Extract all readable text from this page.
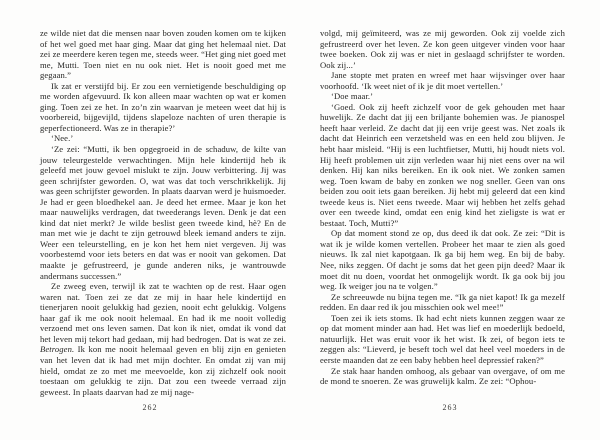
ze wilde niet dat die mensen naar boven zouden komen om te kijken of het wel goed met haar ging. Maar dat ging het helemaal niet. Dat zei ze meerdere keren tegen me, steeds weer. “Het ging niet goed met me, Mutti. Toen niet en nu ook niet. Het is nooit goed met me gegaan.”

Ik zat er verstijfd bij. Er zou een vernietigende beschuldiging op me worden afgevuurd. Ik kon alleen maar wachten op wat er komen ging. Toen zei ze het. In zo’n zin waarvan je meteen weet dat hij is voorbereid, bijgevijld, tijdens slapeloze nachten of uren therapie is geperfectioneerd. Was ze in therapie?’

‘Nee.’

‘Ze zei: “Mutti, ik ben opgegroeid in de schaduw, de kilte van jouw teleurgestelde verwachtingen. Mijn hele kindertijd heb ik geleefd met jouw gevoel mislukt te zijn. Jouw verbittering. Jij was geen schrijfster geworden. O, wat was dat toch verschrikkelijk. Jij was geen schrijfster geworden. In plaats daarvan werd je huismoeder. Je had er geen bloedhekel aan. Je deed het ermee. Maar je kon het maar nauwelijks verdragen, dat tweederangs leven. Denk je dat een kind dat niet merkt? Je wilde beslist geen tweede kind, hè? En de man met wie je dacht te zijn getrouwd bleek iemand anders te zijn. Weer een teleurstelling, en je kon het hem niet vergeven. Jij was voorbestemd voor iets beters en dat was er nooit van gekomen. Dat maakte je gefrustreerd, je gunde anderen niks, je wantrouwde andermans successen.”

Ze zweeg even, terwijl ik zat te wachten op de rest. Haar ogen waren nat. Toen zei ze dat ze mij in haar hele kindertijd en tienerjaren nooit gelukkig had gezien, nooit echt gelukkig. Volgens haar gaf ik me ook nooit helemaal. En had ik me nooit volledig verzoend met ons leven samen. Dat kon ik niet, omdat ik vond dat het leven mij tekort had gedaan, mij had bedrogen. Dat is wat ze zei. Betrogen. Ik kon me nooit helemaal geven en blij zijn en genieten van het leven dat ik had met mijn dochter. En omdat zij van mij hield, omdat ze zo met me meevoelde, kon zij zichzelf ook nooit toestaan om gelukkig te zijn. Dat zou een tweede verraad zijn geweest. In plaats daarvan had ze mij nage-

262

volgd, mij geïmiteerd, was ze mij geworden. Ook zij voelde zich gefrustreerd over het leven. Ze kon geen uitgever vinden voor haar twee boeken. Ook zij was er niet in geslaagd schrijfster te worden. Ook zij...’

Jane stopte met praten en wreef met haar wijsvinger over haar voorhoofd. ‘Ik weet niet of ik je dit moet vertellen.’

‘Doe maar.’

‘Goed. Ook zij heeft zichzelf voor de gek gehouden met haar huwelijk. Ze dacht dat jij een briljante bohemien was. Je pianospel heeft haar verleid. Ze dacht dat jij een vrije geest was. Net zoals ik dacht dat Heinrich een verzetsheld was en een held zou blijven. Je hebt haar misleid. “Hij is een luchtfietser, Mutti, hij houdt niets vol. Hij heeft problemen uit zijn verleden waar hij niet eens over na wil denken. Hij kan niks bereiken. En ik ook niet. We zonken samen weg. Toen kwam de baby en zonken we nog sneller. Geen van ons beiden zou ooit iets gaan bereiken. Jij hebt mij geleerd dat een kind tweede keus is. Niet eens tweede. Maar wij hebben het zelfs gehad over een tweede kind, omdat een enig kind het zieligste is wat er bestaat. Toch, Mutti?”

Op dat moment stond ze op, dus deed ik dat ook. Ze zei: “Dit is wat ik je wilde komen vertellen. Probeer het maar te zien als goed nieuws. Ik zal niet kapotgaan. Ik ga bij hem weg. En bij de baby. Nee, niks zeggen. Of dacht je soms dat het geen pijn deed? Maar ik moet dit nu doen, voordat het onmogelijk wordt. Ik ga ook bij jou weg. Ik weiger jou na te volgen.”

Ze schreeuwde nu bijna tegen me. “Ik ga niet kapot! Ik ga mezelf redden. En daar red ik jou misschien ook wel mee!”

Toen zei ik iets stoms. Ik had echt niets kunnen zeggen waar ze op dat moment minder aan had. Het was lief en moederlijk bedoeld, natuurlijk. Het was eruit voor ik het wist. Ik zei, of begon iets te zeggen als: “Lieverd, je beseft toch wel dat heel veel moeders in de eerste maanden dat ze een baby hebben heel depressief raken?”

Ze stak haar handen omhoog, als gebaar van overgave, of om me de mond te snoeren. Ze was gruwelijk kalm. Ze zei: “Ophou-

263
